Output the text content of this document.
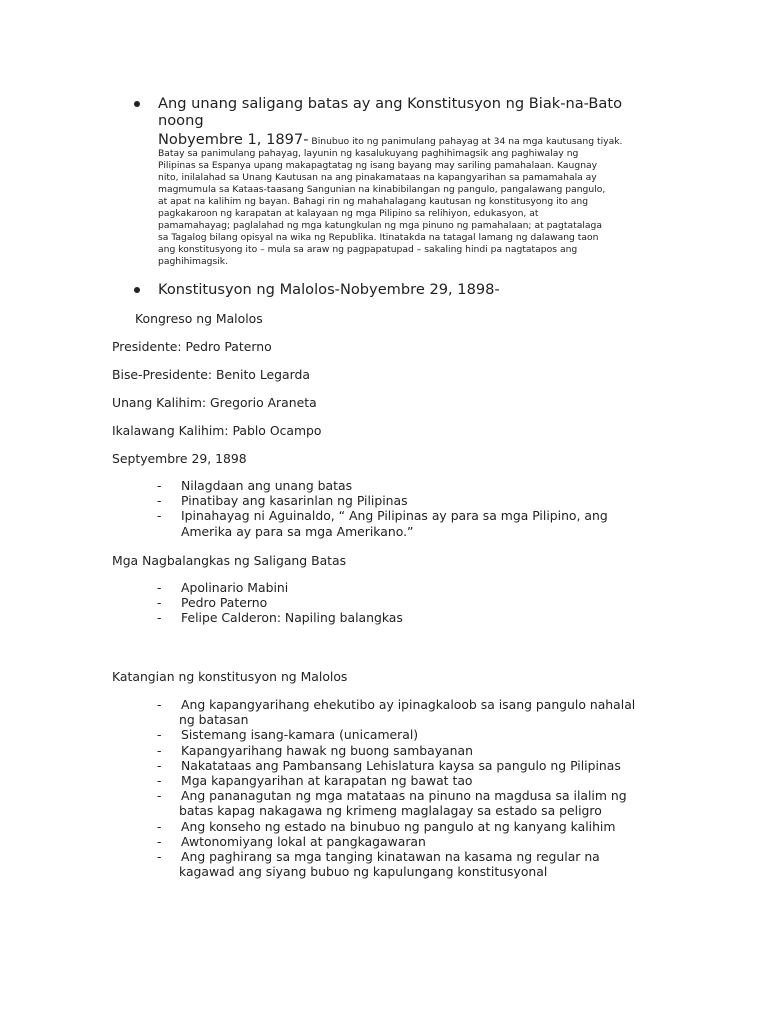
Ang unang saligang batas ay ang Konstitusyon ng Biak-na-Bato noong
Nobyembre 1, 1897- Binubuo ito ng panimulang pahayag at 34 na mga kautusang tiyak.
Batay sa panimulang pahayag, layunin ng kasalukuyang paghihimagsik ang paghiwalay ng
Pilipinas sa Espanya upang makapagtatag ng isang bayang may sariling pamahalaan. Kaugnay
nito, inilalahad sa Unang Kautusan na ang pinakamataas na kapangyarihan sa pamamahala ay
magmumula sa Kataas-taasang Sangunian na kinabibilangan ng pangulo, pangalawang pangulo,
at apat na kalihim ng bayan. Bahagi rin ng mahahalagang kautusan ng konstitusyong ito ang
pagkakaroon ng karapatan at kalayaan ng mga Pilipino sa relihiyon, edukasyon, at
pamamahayag; paglalahad ng mga katungkulan ng mga pinuno ng pamahalaan; at pagtatalaga
sa Tagalog bilang opisyal na wika ng Republika. Itinatakda na tatagal lamang ng dalawang taon
ang konstitusyong ito – mula sa araw ng pagpapatupad – sakaling hindi pa nagtatapos ang
paghihimagsik.
Konstitusyon ng Malolos-Nobyembre 29, 1898-
Kongreso ng Malolos
Presidente: Pedro Paterno
Bise-Presidente: Benito Legarda
Unang Kalihim: Gregorio Araneta
Ikalawang Kalihim: Pablo Ocampo
Septyembre 29, 1898
- Nilagdaan ang unang batas
- Pinatibay ang kasarinlan ng Pilipinas
- Ipinahayag ni Aguinaldo, “ Ang Pilipinas ay para sa mga Pilipino, ang Amerika ay para sa mga Amerikano.”
Mga Nagbalangkas ng Saligang Batas
- Apolinario Mabini
- Pedro Paterno
- Felipe Calderon: Napiling balangkas
Katangian ng konstitusyon ng Malolos
- Ang kapangyarihang ehekutibo ay ipinagkaloob sa isang pangulo nahalal
ng batasan
- Sistemang isang-kamara (unicameral)
- Kapangyarihang hawak ng buong sambayanan
- Nakatataas ang Pambansang Lehislatura kaysa sa pangulo ng Pilipinas
- Mga kapangyarihan at karapatan ng bawat tao
- Ang pananagutan ng mga matataas na pinuno na magdusa sa ilalim ng
batas kapag nakagawa ng krimeng maglalagay sa estado sa peligro
- Ang konseho ng estado na binubuo ng pangulo at ng kanyang kalihim
- Awtonomiyang lokal at pangkagawaran
- Ang paghirang sa mga tanging kinatawan na kasama ng regular na
kagawad ang siyang bubuo ng kapulungang konstitusyonal
